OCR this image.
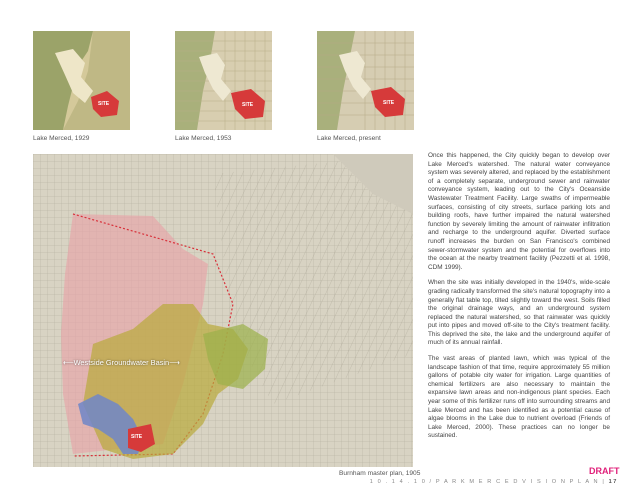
SITE
Lake Merced, 1929
SITE
Lake Merced, 1953
SITE
Lake Merced, present
SITE
⟵Westside Groundwater Basin⟶
Burnham master plan, 1905

Once this happened, the City quickly began to develop over Lake Merced's watershed. The natural water conveyance system was severely altered, and replaced by the establishment of a completely separate, underground sewer and rainwater conveyance system, leading out to the City's Oceanside Wastewater Treatment Facility. Large swaths of impermeable surfaces, consisting of city streets, surface parking lots and building roofs, have further impaired the natural watershed function by severely limiting the amount of rainwater infiltration and recharge to the underground aquifer. Diverted surface runoff increases the burden on San Francisco's combined sewer-stormwater system and the potential for overflows into the ocean at the nearby treatment facility (Pezzetti et al. 1998, CDM 1999).

When the site was initially developed in the 1940's, wide-scale grading radically transformed the site's natural topography into a generally flat table top, tilted slightly toward the west. Soils filled the original drainage ways, and an underground system replaced the natural watershed, so that rainwater was quickly put into pipes and moved off-site to the City's treatment facility. This deprived the site, the lake and the underground aquifer of much of its annual rainfall.

The vast areas of planted lawn, which was typical of the landscape fashion of that time, require approximately 55 million gallons of potable city water for irrigation. Large quantities of chemical fertilizers are also necessary to maintain the expansive lawn areas and non-indigenous plant species. Each year some of this fertilizer runs off into surrounding streams and Lake Merced and has been identified as a potential cause of algae blooms in the Lake due to nutrient overload (Friends of Lake Merced, 2000). These practices can no longer be sustained.

DRAFT
1 0 . 1 4 . 1 0 / P A R K M E R C E D V I S I O N P L A N | 17
